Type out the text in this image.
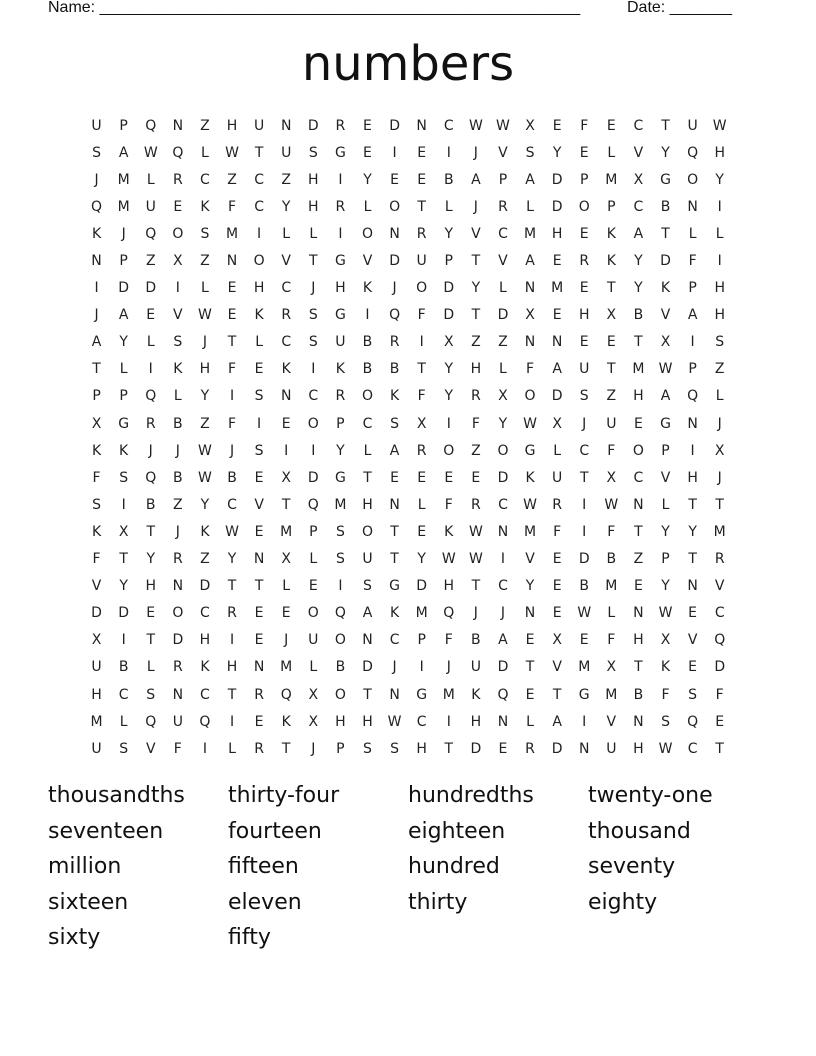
Name: ______________________________________________________	Date: _______
numbers
U	P	Q	N	Z	H	U	N	D	R	E	D	N	C	W W	X	E	F	E	C	T	U	W
S	A	W	Q	L	W	T	U	S	G	E	I	E	I	J	V	S	Y	E	L	V	Y	Q	H
J	M	L	R	C	Z	C	Z	H	I	Y	E	E	B	A	P	A	D	P	M	X	G	O	Y
Q	M	U	E	K	F	C	Y	H	R	L	O	T	L	J	R	L	D	O	P	C	B	N	I
K	J	Q	O	S	M	I	L	L	I	O	N	R	Y	V	C	M	H	E	K	A	T	L	L
N	P	Z	X	Z	N	O	V	T	G	V	D	U	P	T	V	A	E	R	K	Y	D	F	I
I	D	D	I	L	E	H	C	J	H	K	J	O	D	Y	L	N	M	E	T	Y	K	P	H
J	A	E	V	W	E	K	R	S	G	I	Q	F	D	T	D	X	E	H	X	B	V	A	H
A	Y	L	S	J	T	L	C	S	U	B	R	I	X	Z	Z	N	N	E	E	T	X	I	S
T	L	I	K	H	F	E	K	I	K	B	B	T	Y	H	L	F	A	U	T	M	W	P	Z
P	P	Q	L	Y	I	S	N	C	R	O	K	F	Y	R	X	O	D	S	Z	H	A	Q	L
X	G	R	B	Z	F	I	E	O	P	C	S	X	I	F	Y	W	X	J	U	E	G	N	J
K	K	J	J	W	J	S	I	I	Y	L	A	R	O	Z	O	G	L	C	F	O	P	I	X
F	S	Q	B	W	B	E	X	D	G	T	E	E	E	E	D	K	U	T	X	C	V	H	J
S	I	B	Z	Y	C	V	T	Q	M	H	N	L	F	R	C	W	R	I	W	N	L	T	T
K	X	T	J	K	W	E	M	P	S	O	T	E	K	W	N	M	F	I	F	T	Y	Y	M
F	T	Y	R	Z	Y	N	X	L	S	U	T	Y	W W	I	V	E	D	B	Z	P	T	R
V	Y	H	N	D	T	T	L	E	I	S	G	D	H	T	C	Y	E	B	M	E	Y	N	V
D	D	E	O	C	R	E	E	O	Q	A	K	M	Q	J	J	N	E	W	L	N	W	E	C
X	I	T	D	H	I	E	J	U	O	N	C	P	F	B	A	E	X	E	F	H	X	V	Q
U	B	L	R	K	H	N	M	L	B	D	J	I	J	U	D	T	V	M	X	T	K	E	D
H	C	S	N	C	T	R	Q	X	O	T	N	G	M	K	Q	E	T	G	M	B	F	S	F
M	L	Q	U	Q	I	E	K	X	H	H	W	C	I	H	N	L	A	I	V	N	S	Q	E
U	S	V	F	I	L	R	T	J	P	S	S	H	T	D	E	R	D	N	U	H	W	C	T
thousandths	thirty-four	hundredths	twenty-one
seventeen	fourteen	eighteen	thousand
million	fifteen	hundred	seventy
sixteen	eleven	thirty	eighty
sixty	fifty
